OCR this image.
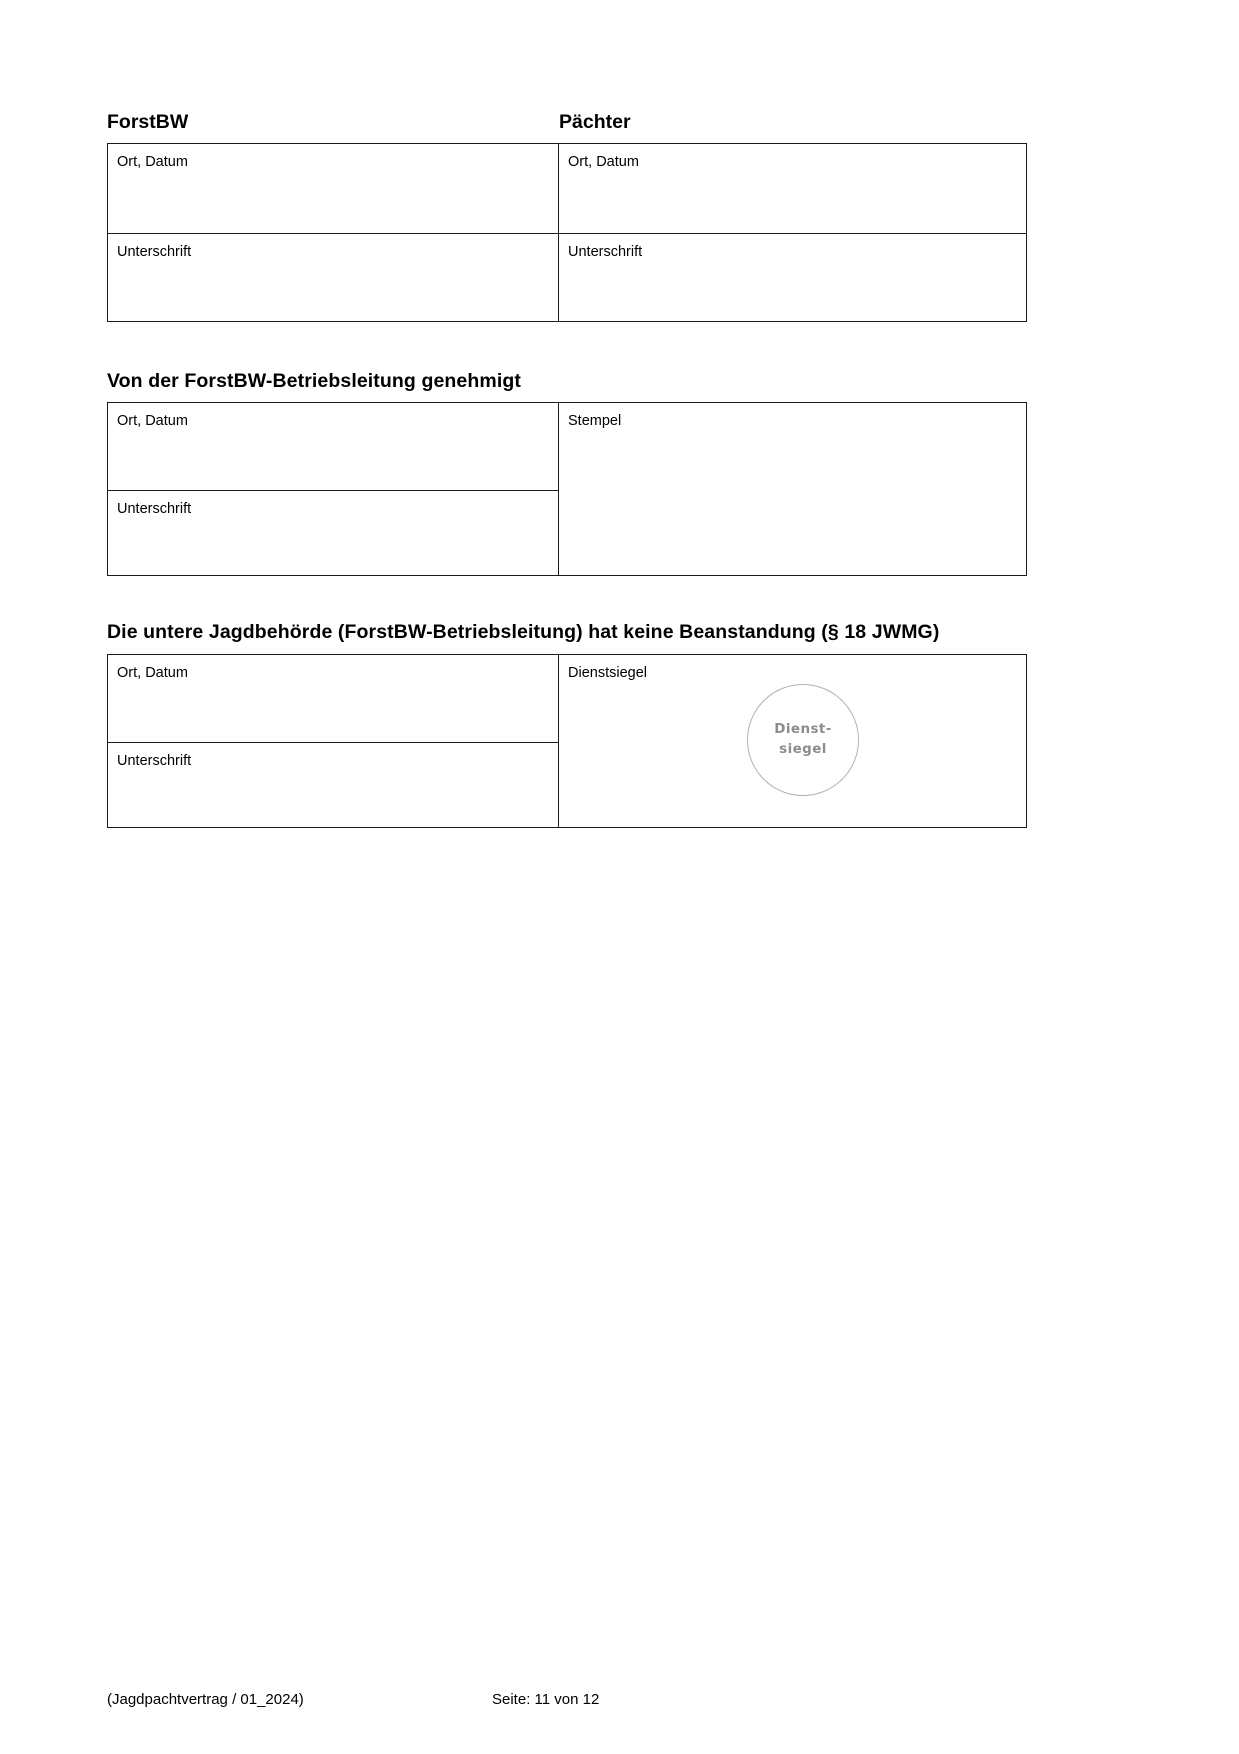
ForstBW	Pächter
Ort, Datum	Ort, Datum

Unterschrift	Unterschrift
Von der ForstBW-Betriebsleitung genehmigt
Ort, Datum	Stempel

Unterschrift
Die untere Jagdbehörde (ForstBW-Betriebsleitung) hat keine Beanstandung (§ 18 JWMG)
Ort, Datum	Dienstsiegel
Dienst-
siegel

Unterschrift
(Jagdpachtvertrag / 01_2024)	Seite: 11 von 12
